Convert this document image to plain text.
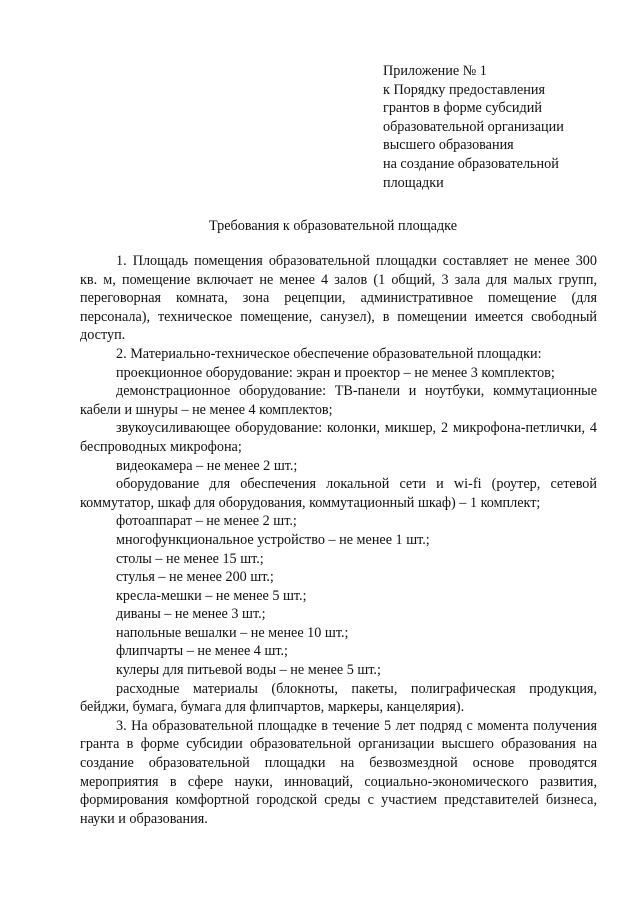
Приложение № 1
к Порядку предоставления
грантов в форме субсидий
образовательной организации
высшего образования
на создание образовательной
площадки
Требования к образовательной площадке

1. Площадь помещения образовательной площадки составляет не менее 300 кв. м, помещение включает не менее 4 залов (1 общий, 3 зала для малых групп, переговорная комната, зона рецепции, административное помещение (для персонала), техническое помещение, санузел), в помещении имеется свободный доступ.

2. Материально-техническое обеспечение образовательной площадки:

проекционное оборудование: экран и проектор – не менее 3 комплектов;

демонстрационное оборудование: ТВ-панели и ноутбуки, коммутационные кабели и шнуры – не менее 4 комплектов;

звукоусиливающее оборудование: колонки, микшер, 2 микрофона-петлички, 4 беспроводных микрофона;

видеокамера – не менее 2 шт.;

оборудование для обеспечения локальной сети и wi-fi (роутер, сетевой коммутатор, шкаф для оборудования, коммутационный шкаф) – 1 комплект;

фотоаппарат – не менее 2 шт.;

многофункциональное устройство – не менее 1 шт.;

столы – не менее 15 шт.;

стулья – не менее 200 шт.;

кресла-мешки – не менее 5 шт.;

диваны – не менее 3 шт.;

напольные вешалки – не менее 10 шт.;

флипчарты – не менее 4 шт.;

кулеры для питьевой воды – не менее 5 шт.;

расходные материалы (блокноты, пакеты, полиграфическая продукция, бейджи, бумага, бумага для флипчартов, маркеры, канцелярия).

3. На образовательной площадке в течение 5 лет подряд с момента получения гранта в форме субсидии образовательной организации высшего образования на создание образовательной площадки на безвозмездной основе проводятся мероприятия в сфере науки, инноваций, социально-экономического развития, формирования комфортной городской среды с участием представителей бизнеса, науки и образования.
